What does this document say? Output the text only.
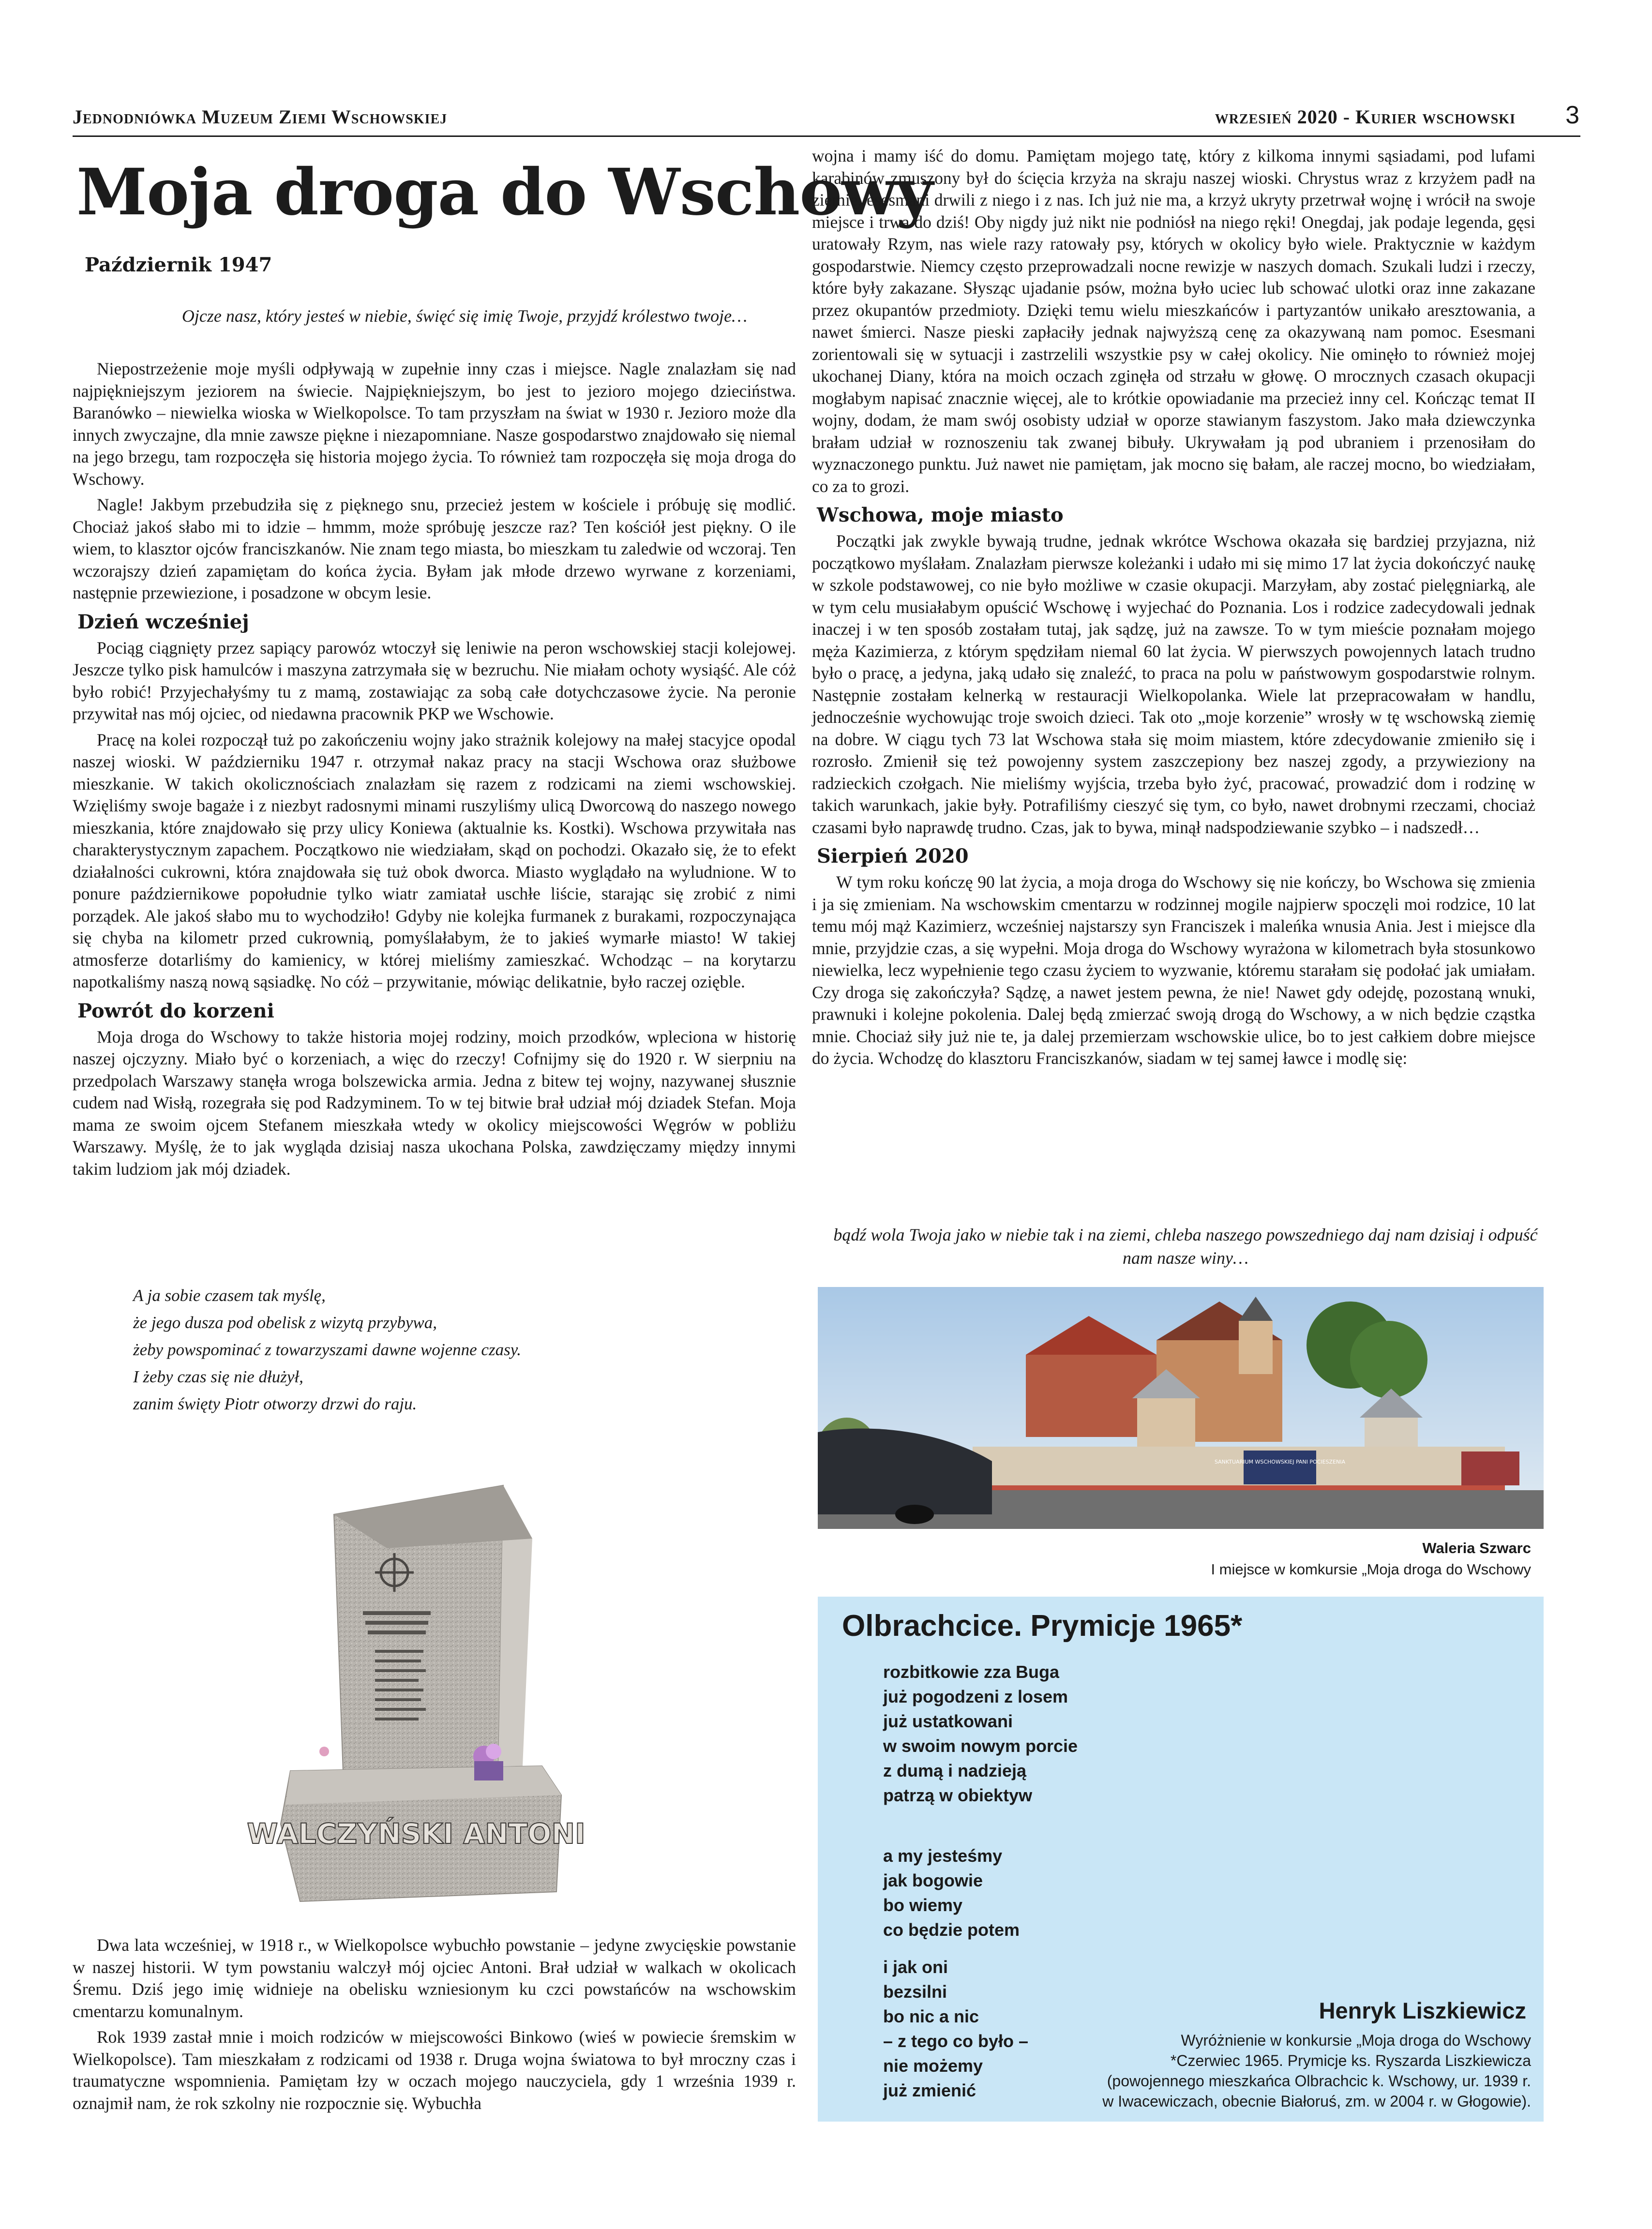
Jednodniówka Muzeum Ziemi Wschowskiej	wrzesień 2020 - Kurier wschowski 3
Moja droga do Wschowy
Październik 1947
Ojcze nasz, który jesteś w niebie, święć się imię Twoje, przyjdź królestwo twoje…

Niepostrzeżenie moje myśli odpływają w zupełnie inny czas i miejsce. Nagle znalazłam się nad najpiękniejszym jeziorem na świecie. Najpiękniejszym, bo jest to jezioro mojego dzieciństwa. Baranówko – niewielka wioska w Wielkopolsce. To tam przyszłam na świat w 1930 r. Jezioro może dla innych zwyczajne, dla mnie zawsze piękne i niezapomniane. Nasze gospodarstwo znajdowało się niemal na jego brzegu, tam rozpoczęła się historia mojego życia. To również tam rozpoczęła się moja droga do Wschowy.

Nagle! Jakbym przebudziła się z pięknego snu, przecież jestem w kościele i próbuję się modlić. Chociaż jakoś słabo mi to idzie – hmmm, może spróbuję jeszcze raz? Ten kościół jest piękny. O ile wiem, to klasztor ojców franciszkanów. Nie znam tego miasta, bo mieszkam tu zaledwie od wczoraj. Ten wczorajszy dzień zapamiętam do końca życia. Byłam jak młode drzewo wyrwane z korzeniami, następnie przewiezione, i posadzone w obcym lesie.

Dzień wcześniej

Pociąg ciągnięty przez sapiący parowóz wtoczył się leniwie na peron wschowskiej stacji kolejowej. Jeszcze tylko pisk hamulców i maszyna zatrzymała się w bezruchu. Nie miałam ochoty wysiąść. Ale cóż było robić! Przyjechałyśmy tu z mamą, zostawiając za sobą całe dotychczasowe życie. Na peronie przywitał nas mój ojciec, od niedawna pracownik PKP we Wschowie.

Pracę na kolei rozpoczął tuż po zakończeniu wojny jako strażnik kolejowy na małej stacyjce opodal naszej wioski. W październiku 1947 r. otrzymał nakaz pracy na stacji Wschowa oraz służbowe mieszkanie. W takich okolicznościach znalazłam się razem z rodzicami na ziemi wschowskiej. Wzięliśmy swoje bagaże i z niezbyt radosnymi minami ruszyliśmy ulicą Dworcową do naszego nowego mieszkania, które znajdowało się przy ulicy Koniewa (aktualnie ks. Kostki). Wschowa przywitała nas charakterystycznym zapachem. Początkowo nie wiedziałam, skąd on pochodzi. Okazało się, że to efekt działalności cukrowni, która znajdowała się tuż obok dworca. Miasto wyglądało na wyludnione. W to ponure październikowe popołudnie tylko wiatr zamiatał uschłe liście, starając się zrobić z nimi porządek. Ale jakoś słabo mu to wychodziło! Gdyby nie kolejka furmanek z burakami, rozpoczynająca się chyba na kilometr przed cukrownią, pomyślałabym, że to jakieś wymarłe miasto! W takiej atmosferze dotarliśmy do kamienicy, w której mieliśmy zamieszkać. Wchodząc – na korytarzu napotkaliśmy naszą nową sąsiadkę. No cóż – przywitanie, mówiąc delikatnie, było raczej ozięble.

Powrót do korzeni

Moja droga do Wschowy to także historia mojej rodziny, moich przodków, wpleciona w historię naszej ojczyzny. Miało być o korzeniach, a więc do rzeczy! Cofnijmy się do 1920 r. W sierpniu na przedpolach Warszawy stanęła wroga bolszewicka armia. Jedna z bitew tej wojny, nazywanej słusznie cudem nad Wisłą, rozegrała się pod Radzyminem. To w tej bitwie brał udział mój dziadek Stefan. Moja mama ze swoim ojcem Stefanem mieszkała wtedy w okolicy miejscowości Węgrów w pobliżu Warszawy. Myślę, że to jak wygląda dzisiaj nasza ukochana Polska, zawdzięczamy między innymi takim ludziom jak mój dziadek.

A ja sobie czasem tak myślę,
że jego dusza pod obelisk z wizytą przybywa,
żeby powspominać z towarzyszami dawne wojenne czasy.
I żeby czas się nie dłużył,
zanim święty Piotr otworzy drzwi do raju.
WALCZYŃSKI ANTONI

Dwa lata wcześniej, w 1918 r., w Wielkopolsce wybuchło powstanie – jedyne zwycięskie powstanie w naszej historii. W tym powstaniu walczył mój ojciec Antoni. Brał udział w walkach w okolicach Śremu. Dziś jego imię widnieje na obelisku wzniesionym ku czci powstańców na wschowskim cmentarzu komunalnym.

Rok 1939 zastał mnie i moich rodziców w miejscowości Binkowo (wieś w powiecie śremskim w Wielkopolsce). Tam mieszkałam z rodzicami od 1938 r. Druga wojna światowa to był mroczny czas i traumatyczne wspomnienia. Pamiętam łzy w oczach mojego nauczyciela, gdy 1 września 1939 r. oznajmił nam, że rok szkolny nie rozpocznie się. Wybuchła

wojna i mamy iść do domu. Pamiętam mojego tatę, który z kilkoma innymi sąsiadami, pod lufami karabinów zmuszony był do ścięcia krzyża na skraju naszej wioski. Chrystus wraz z krzyżem padł na ziemię, esesmani drwili z niego i z nas. Ich już nie ma, a krzyż ukryty przetrwał wojnę i wrócił na swoje miejsce i trwa do dziś! Oby nigdy już nikt nie podniósł na niego ręki! Onegdaj, jak podaje legenda, gęsi uratowały Rzym, nas wiele razy ratowały psy, których w okolicy było wiele. Praktycznie w każdym gospodarstwie. Niemcy często przeprowadzali nocne rewizje w naszych domach. Szukali ludzi i rzeczy, które były zakazane. Słysząc ujadanie psów, można było uciec lub schować ulotki oraz inne zakazane przez okupantów przedmioty. Dzięki temu wielu mieszkańców i partyzantów unikało aresztowania, a nawet śmierci. Nasze pieski zapłaciły jednak najwyższą cenę za okazywaną nam pomoc. Esesmani zorientowali się w sytuacji i zastrzelili wszystkie psy w całej okolicy. Nie ominęło to również mojej ukochanej Diany, która na moich oczach zginęła od strzału w głowę. O mrocznych czasach okupacji mogłabym napisać znacznie więcej, ale to krótkie opowiadanie ma przecież inny cel. Kończąc temat II wojny, dodam, że mam swój osobisty udział w oporze stawianym faszystom. Jako mała dziewczynka brałam udział w roznoszeniu tak zwanej bibuły. Ukrywałam ją pod ubraniem i przenosiłam do wyznaczonego punktu. Już nawet nie pamiętam, jak mocno się bałam, ale raczej mocno, bo wiedziałam, co za to grozi.

Wschowa, moje miasto

Początki jak zwykle bywają trudne, jednak wkrótce Wschowa okazała się bardziej przyjazna, niż początkowo myślałam. Znalazłam pierwsze koleżanki i udało mi się mimo 17 lat życia dokończyć naukę w szkole podstawowej, co nie było możliwe w czasie okupacji. Marzyłam, aby zostać pielęgniarką, ale w tym celu musiałabym opuścić Wschowę i wyjechać do Poznania. Los i rodzice zadecydowali jednak inaczej i w ten sposób zostałam tutaj, jak sądzę, już na zawsze. To w tym mieście poznałam mojego męża Kazimierza, z którym spędziłam niemal 60 lat życia. W pierwszych powojennych latach trudno było o pracę, a jedyna, jaką udało się znaleźć, to praca na polu w państwowym gospodarstwie rolnym. Następnie zostałam kelnerką w restauracji Wielkopolanka. Wiele lat przepracowałam w handlu, jednocześnie wychowując troje swoich dzieci. Tak oto „moje korzenie” wrosły w tę wschowską ziemię na dobre. W ciągu tych 73 lat Wschowa stała się moim miastem, które zdecydowanie zmieniło się i rozrosło. Zmienił się też powojenny system zaszczepiony bez naszej zgody, a przywieziony na radzieckich czołgach. Nie mieliśmy wyjścia, trzeba było żyć, pracować, prowadzić dom i rodzinę w takich warunkach, jakie były. Potrafiliśmy cieszyć się tym, co było, nawet drobnymi rzeczami, chociaż czasami było naprawdę trudno. Czas, jak to bywa, minął nadspodziewanie szybko – i nadszedł…

Sierpień 2020

W tym roku kończę 90 lat życia, a moja droga do Wschowy się nie kończy, bo Wschowa się zmienia i ja się zmieniam. Na wschowskim cmentarzu w rodzinnej mogile najpierw spoczęli moi rodzice, 10 lat temu mój mąż Kazimierz, wcześniej najstarszy syn Franciszek i maleńka wnusia Ania. Jest i miejsce dla mnie, przyjdzie czas, a się wypełni. Moja droga do Wschowy wyrażona w kilometrach była stosunkowo niewielka, lecz wypełnienie tego czasu życiem to wyzwanie, któremu starałam się podołać jak umiałam. Czy droga się zakończyła? Sądzę, a nawet jestem pewna, że nie! Nawet gdy odejdę, pozostaną wnuki, prawnuki i kolejne pokolenia. Dalej będą zmierzać swoją drogą do Wschowy, a w nich będzie cząstka mnie. Chociaż siły już nie te, ja dalej przemierzam wschowskie ulice, bo to jest całkiem dobre miejsce do życia. Wchodzę do klasztoru Franciszkanów, siadam w tej samej ławce i modlę się:

bądź wola Twoja jako w niebie tak i na ziemi, chleba naszego powszedniego daj nam dzisiaj i odpuść nam nasze winy…
SANKTUARIUM WSCHOWSKIEJ PANI POCIESZENIA
Waleria Szwarc
I miejsce w komkursie „Moja droga do Wschowy
Olbrachcice. Prymicje 1965*
rozbitkowie zza Buga
już pogodzeni z losem
już ustatkowani
w swoim nowym porcie
z dumą i nadzieją
patrzą w obiektyw
a my jesteśmy
jak bogowie
bo wiemy
co będzie potem
i jak oni
bezsilni
bo nic a nic
– z tego co było –
nie możemy
już zmienić
Henryk Liszkiewicz
Wyróżnienie w konkursie „Moja droga do Wschowy
*Czerwiec 1965. Prymicje ks. Ryszarda Liszkiewicza
(powojennego mieszkańca Olbrachcic k. Wschowy, ur. 1939 r.
w Iwacewiczach, obecnie Białoruś, zm. w 2004 r. w Głogowie).
